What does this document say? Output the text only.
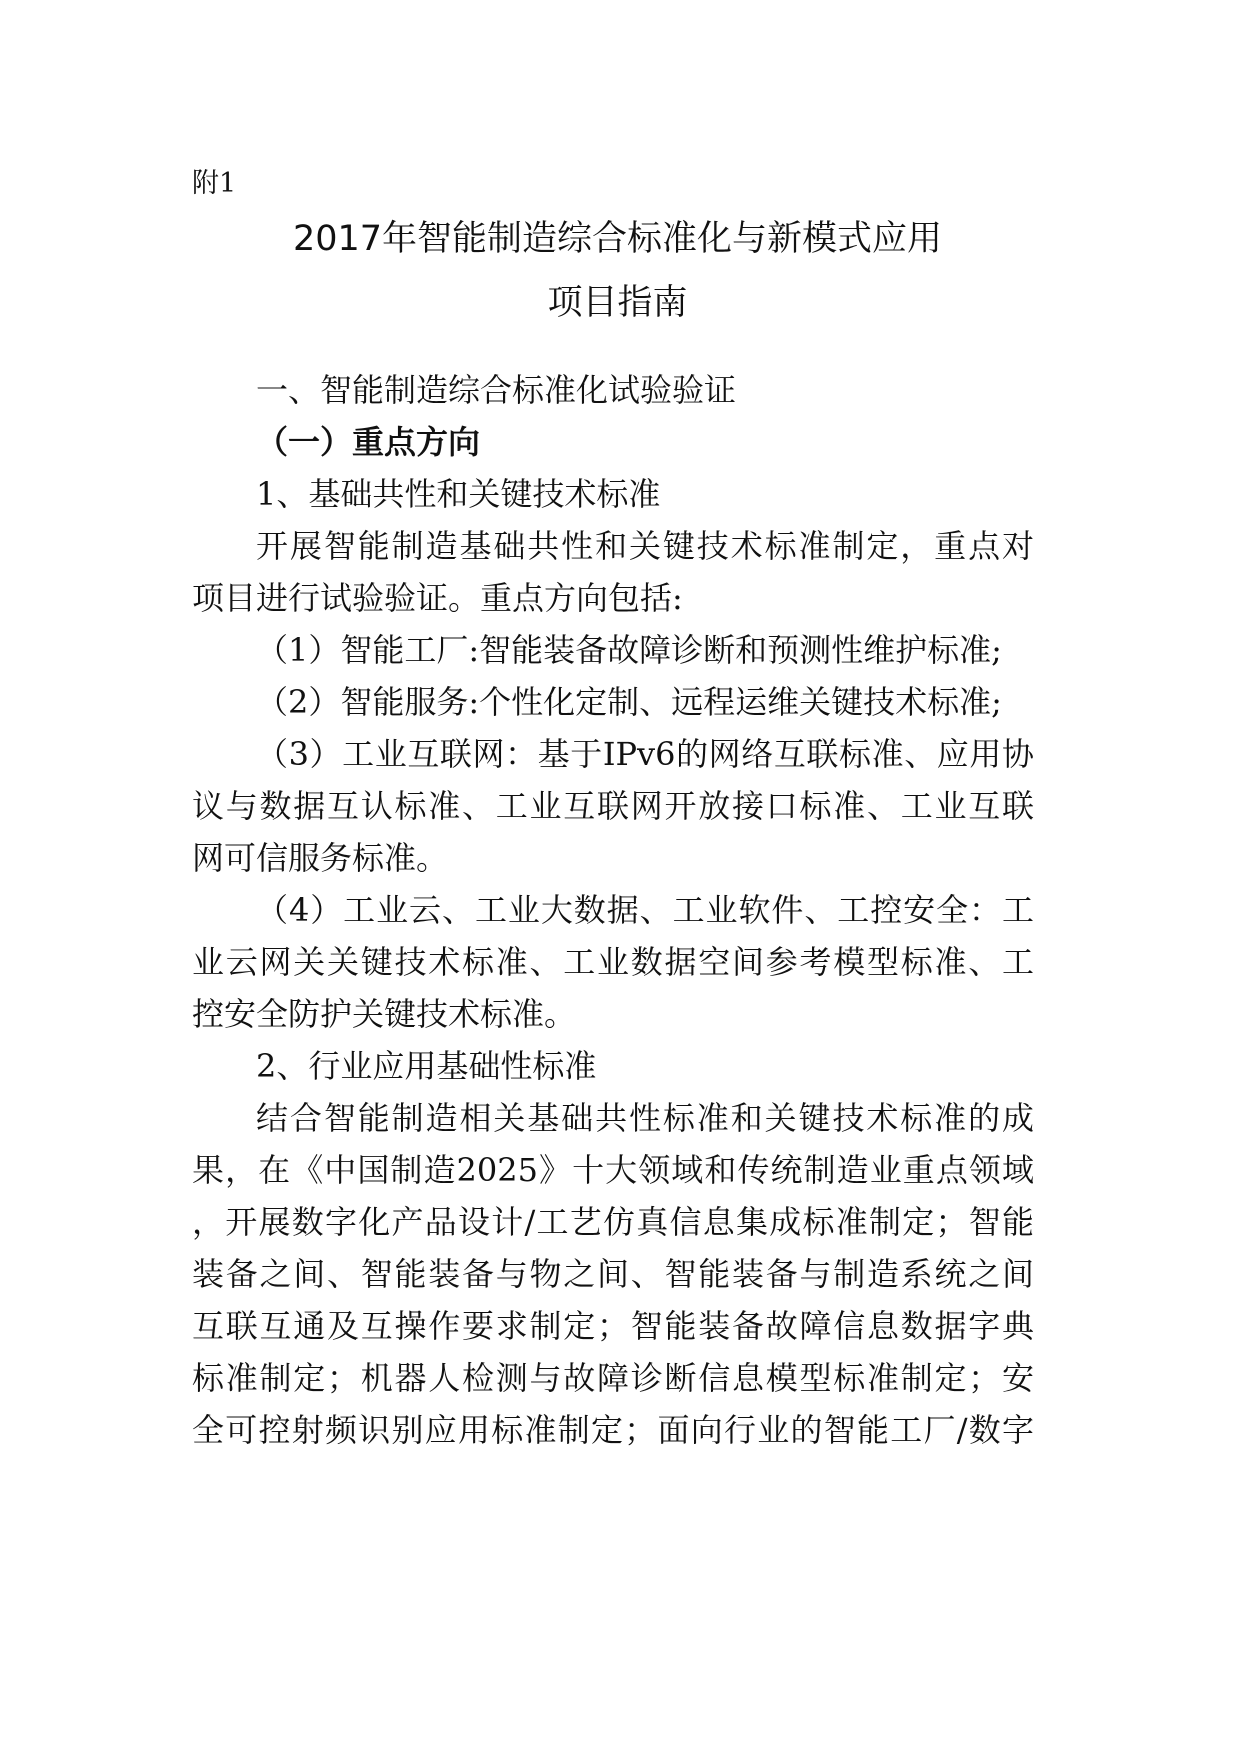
附1
2017年智能制造综合标准化与新模式应用
项目指南
一、智能制造综合标准化试验验证
（一）重点方向
1、基础共性和关键技术标准
开展智能制造基础共性和关键技术标准制定，重点对
项目进行试验验证。重点方向包括:
（1）智能工厂:智能装备故障诊断和预测性维护标准;
（2）智能服务:个性化定制、远程运维关键技术标准;
（3）工业互联网：基于IPv6的网络互联标准、应用协
议与数据互认标准、工业互联网开放接口标准、工业互联
网可信服务标准。
（4）工业云、工业大数据、工业软件、工控安全：工
业云网关关键技术标准、工业数据空间参考模型标准、工
控安全防护关键技术标准。
2、行业应用基础性标准
结合智能制造相关基础共性标准和关键技术标准的成
果，在《中国制造2025》十大领域和传统制造业重点领域
，开展数字化产品设计/工艺仿真信息集成标准制定；智能
装备之间、智能装备与物之间、智能装备与制造系统之间
互联互通及互操作要求制定；智能装备故障信息数据字典
标准制定；机器人检测与故障诊断信息模型标准制定；安
全可控射频识别应用标准制定；面向行业的智能工厂/数字
